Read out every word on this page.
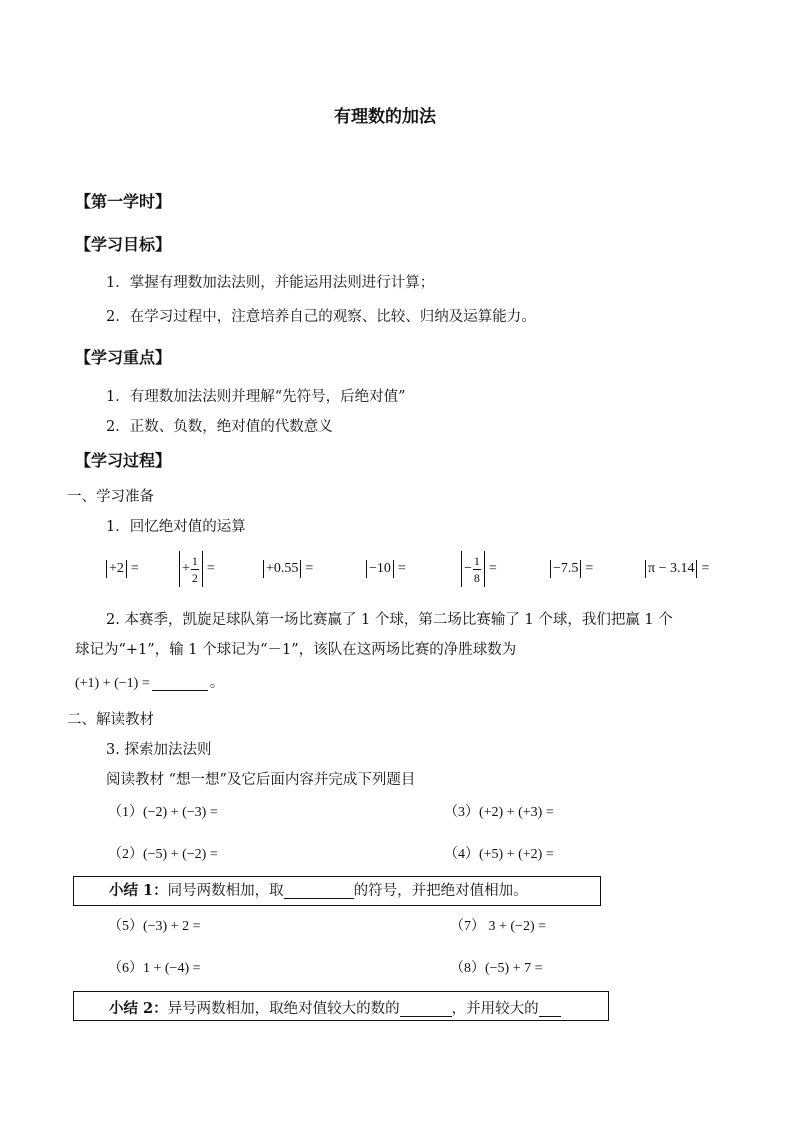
有理数的加法
【第一学时】
【学习目标】
1．掌握有理数加法法则，并能运用法则进行计算；
2．在学习过程中，注意培养自己的观察、比较、归纳及运算能力。
【学习重点】
1．有理数加法法则并理解“先符号，后绝对值”
2．正数、负数，绝对值的代数意义
【学习过程】
一、学习准备
1．回忆绝对值的运算
+2 =	+ $\frac{1}{2}$ =	+0.55 =	−10 =	− $\frac{1}{8}$ =	−7.5 =	π − 3.14 =
2. 本赛季，凯旋足球队第一场比赛赢了 1 个球，第二场比赛输了 1 个球，我们把赢 1 个
球记为“+1”，输 1 个球记为“－1”，该队在这两场比赛的净胜球数为
(+1) + (−1) =	。
二、解读教材
3. 探索加法法则
阅读教材 “想一想”及它后面内容并完成下列题目
（1）(−2) + (−3) =	（3）(+2) + (+3) =
（2）(−5) + (−2) =	（4）(+5) + (+2) =
小结 1：同号两数相加，取	的符号，并把绝对值相加。
（5）(−3) + 2 =	（7） 3 + (−2) =
（6）1 + (−4) =	（8）(−5) + 7 =
小结 2：异号两数相加，取绝对值较大的数的	，并用较大的
